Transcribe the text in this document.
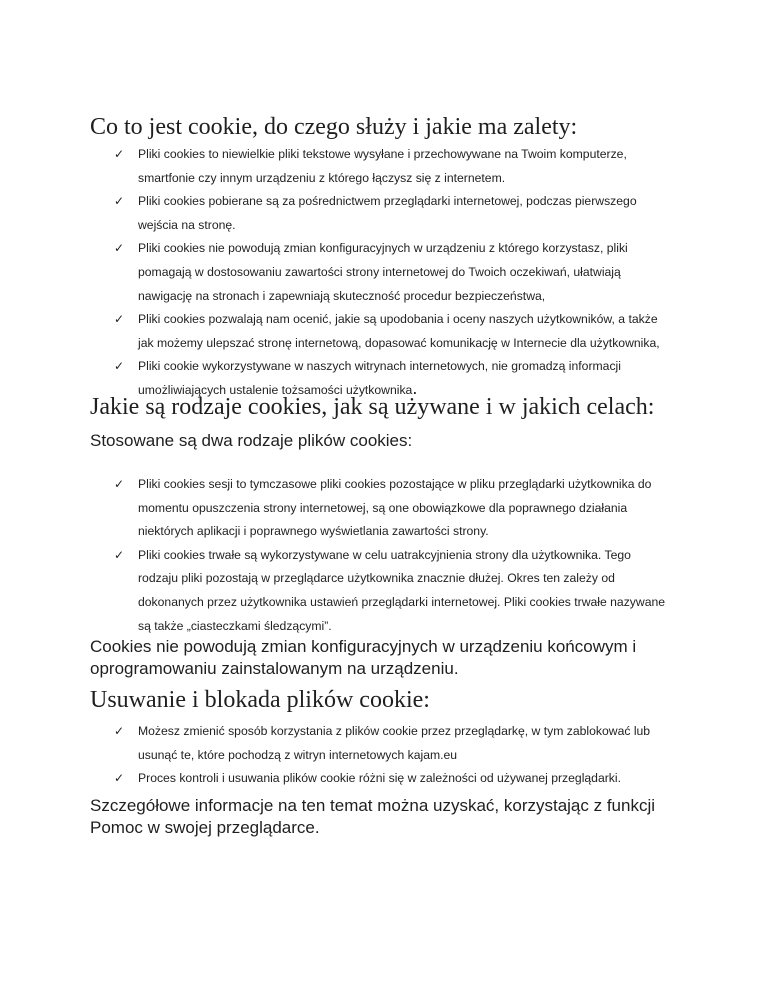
Co to jest cookie, do czego służy i jakie ma zalety:
✓ Pliki cookies to niewielkie pliki tekstowe wysyłane i przechowywane na Twoim komputerze, smartfonie czy innym urządzeniu z którego łączysz się z internetem.
✓ Pliki cookies pobierane są za pośrednictwem przeglądarki internetowej, podczas pierwszego wejścia na stronę.
✓ Pliki cookies nie powodują zmian konfiguracyjnych w urządzeniu z którego korzystasz, pliki pomagają w dostosowaniu zawartości strony internetowej do Twoich oczekiwań, ułatwiają nawigację na stronach i zapewniają skuteczność procedur bezpieczeństwa,
✓ Pliki cookies pozwalają nam ocenić, jakie są upodobania i oceny naszych użytkowników, a także jak możemy ulepszać stronę internetową, dopasować komunikację w Internecie dla użytkownika,
✓ Pliki cookie wykorzystywane w naszych witrynach internetowych, nie gromadzą informacji umożliwiających ustalenie tożsamości użytkownika.
Jakie są rodzaje cookies, jak są używane i w jakich celach:

Stosowane są dwa rodzaje plików cookies:

✓ Pliki cookies sesji to tymczasowe pliki cookies pozostające w pliku przeglądarki użytkownika do momentu opuszczenia strony internetowej, są one obowiązkowe dla poprawnego działania niektórych aplikacji i poprawnego wyświetlania zawartości strony.
✓ Pliki cookies trwałe są wykorzystywane w celu uatrakcyjnienia strony dla użytkownika. Tego rodzaju pliki pozostają w przeglądarce użytkownika znacznie dłużej. Okres ten zależy od dokonanych przez użytkownika ustawień przeglądarki internetowej. Pliki cookies trwałe nazywane są także „ciasteczkami śledzącymi”.

Cookies nie powodują zmian konfiguracyjnych w urządzeniu końcowym i oprogramowaniu zainstalowanym na urządzeniu.

Usuwanie i blokada plików cookie:
✓ Możesz zmienić sposób korzystania z plików cookie przez przeglądarkę, w tym zablokować lub usunąć te, które pochodzą z witryn internetowych kajam.eu
✓ Proces kontroli i usuwania plików cookie różni się w zależności od używanej przeglądarki.

Szczegółowe informacje na ten temat można uzyskać, korzystając z funkcji Pomoc w swojej przeglądarce.
